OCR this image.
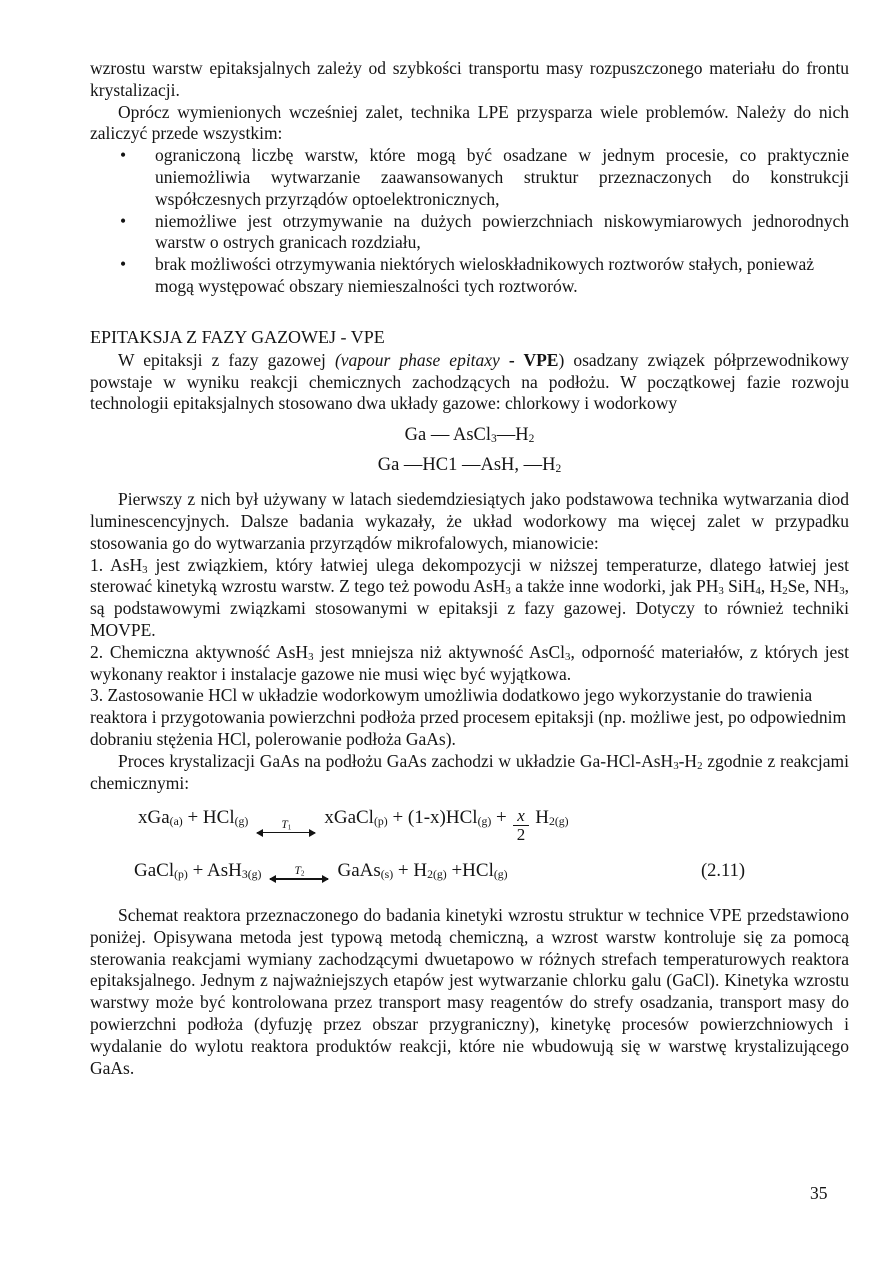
wzrostu warstw epitaksjalnych zależy od szybkości transportu masy rozpuszczonego materiału do frontu krystalizacji.

Oprócz wymienionych wcześniej zalet, technika LPE przysparza wiele problemów. Należy do nich zaliczyć przede wszystkim:

•	ograniczoną liczbę warstw, które mogą być osadzane w jednym procesie, co praktycznie uniemożliwia wytwarzanie zaawansowanych struktur przeznaczonych do konstrukcji współczesnych przyrządów optoelektronicznych,
•	niemożliwe jest otrzymywanie na dużych powierzchniach niskowymiarowych jednorodnych warstw o ostrych granicach rozdziału,
•	brak możliwości otrzymywania niektórych wieloskładnikowych roztworów stałych, ponieważ mogą występować obszary niemieszalności tych roztworów.
EPITAKSJA Z FAZY GAZOWEJ - VPE

W epitaksji z fazy gazowej (vapour phase epitaxy - VPE) osadzany związek półprzewodnikowy powstaje w wyniku reakcji chemicznych zachodzących na podłożu. W początkowej fazie rozwoju technologii epitaksjalnych stosowano dwa układy gazowe: chlorkowy i wodorkowy

Ga — $AsCl_3—H_2$
Ga —HC1 —AsH, $—H_2$

Pierwszy z nich był używany w latach siedemdziesiątych jako podstawowa technika wytwarzania diod luminescencyjnych. Dalsze badania wykazały, że układ wodorkowy ma więcej zalet w przypadku stosowania go do wytwarzania przyrządów mikrofalowych, mianowicie:

1. AsH$_3$ jest związkiem, który łatwiej ulega dekompozycji w niższej temperaturze, dlatego łatwiej jest sterować kinetyką wzrostu warstw. Z tego też powodu AsH$_3$ a także inne wodorki, jak $PH_3$ SiH$_4$, $H_2Se$, $NH_3$, są podstawowymi związkami stosowanymi w epitaksji z fazy gazowej. Dotyczy to również techniki MOVPE.

2. Chemiczna aktywność AsH$_3$ jest mniejsza niż aktywność AsCl$_3$, odporność materiałów, z których jest wykonany reaktor i instalacje gazowe nie musi więc być wyjątkowa.

3. Zastosowanie HCl w układzie wodorkowym umożliwia dodatkowo jego wykorzystanie do trawienia reaktora i przygotowania powierzchni podłoża przed procesem epitaksji (np. możliwe jest, po odpowiednim dobraniu stężenia HCl, polerowanie podłoża GaAs).

Proces krystalizacji GaAs na podłożu GaAs zachodzi w układzie $Ga-HCl-AsH_3-H_2$ zgodnie z reakcjami chemicznymi:

xGa$_{(a)}$ + HCl$_{(g)}$	$T_1$ xGaCl$_{(p)}$ + $(1-x)HCl_{(g)} + \frac{x}{2} H_{2(g)}$
GaCl$_{(p)}$ + AsH$_{3(g)}$	$T_2$ GaAs$_{(s)}$ + $H_{2(g)} +HCl_{(g)}$	(2.11)

Schemat reaktora przeznaczonego do badania kinetyki wzrostu struktur w technice VPE przedstawiono poniżej. Opisywana metoda jest typową metodą chemiczną, a wzrost warstw kontroluje się za pomocą sterowania reakcjami wymiany zachodzącymi dwuetapowo w różnych strefach temperaturowych reaktora epitaksjalnego. Jednym z najważniejszych etapów jest wytwarzanie chlorku galu (GaCl). Kinetyka wzrostu warstwy może być kontrolowana przez transport masy reagentów do strefy osadzania, transport masy do powierzchni podłoża (dyfuzję przez obszar przygraniczny), kinetykę procesów powierzchniowych i wydalanie do wylotu reaktora produktów reakcji, które nie wbudowują się w warstwę krystalizującego GaAs.

35
